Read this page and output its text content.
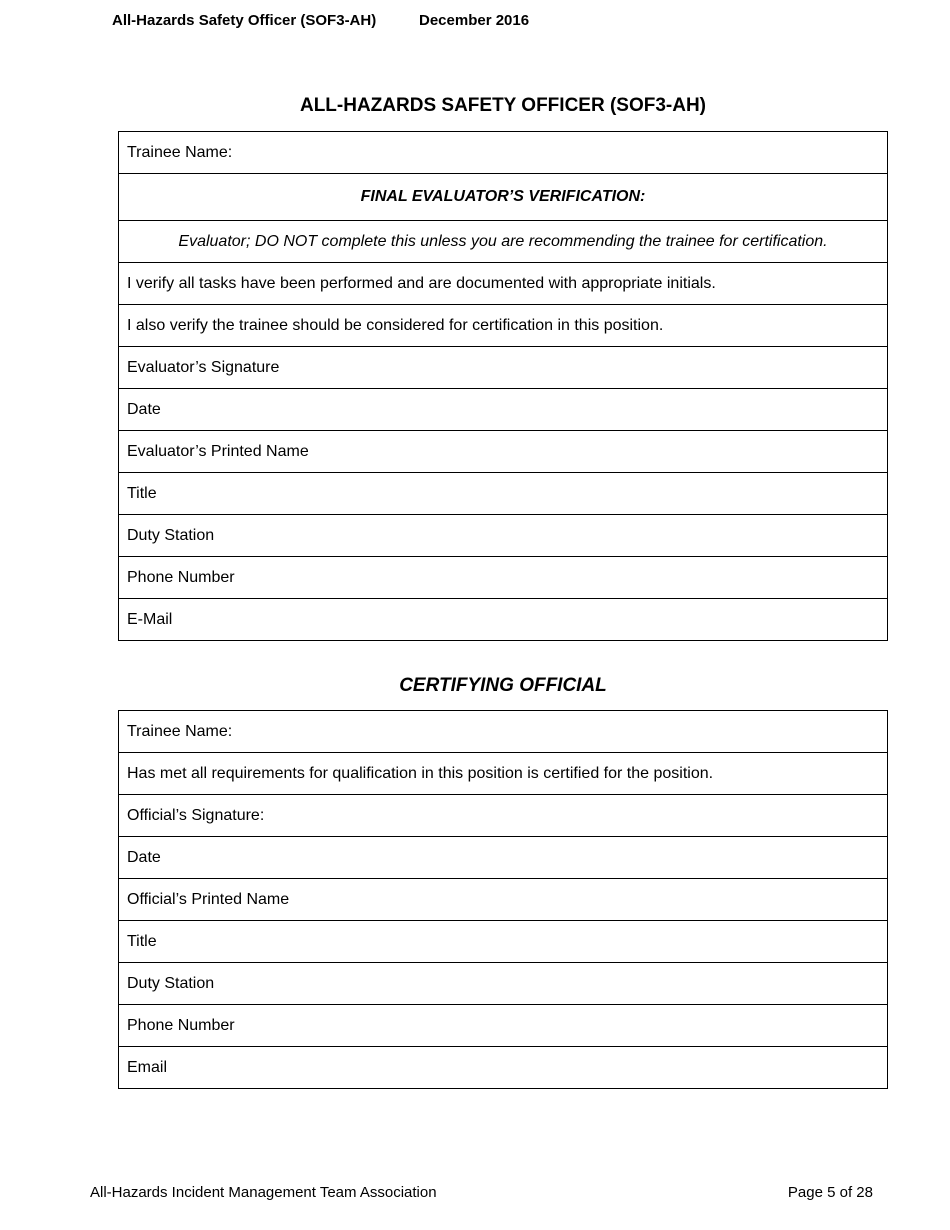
All-Hazards Safety Officer (SOF3-AH)	December 2016
ALL-HAZARDS SAFETY OFFICER (SOF3-AH)
Trainee Name:
FINAL EVALUATOR’S VERIFICATION:
Evaluator; DO NOT complete this unless you are recommending the trainee for certification.
I verify all tasks have been performed and are documented with appropriate initials.
I also verify the trainee should be considered for certification in this position.
Evaluator’s Signature
Date
Evaluator’s Printed Name
Title
Duty Station
Phone Number
E-Mail
CERTIFYING OFFICIAL
Trainee Name:
Has met all requirements for qualification in this position is certified for the position.
Official’s Signature:
Date
Official’s Printed Name
Title
Duty Station
Phone Number
Email
All-Hazards Incident Management Team Association	Page 5 of 28
